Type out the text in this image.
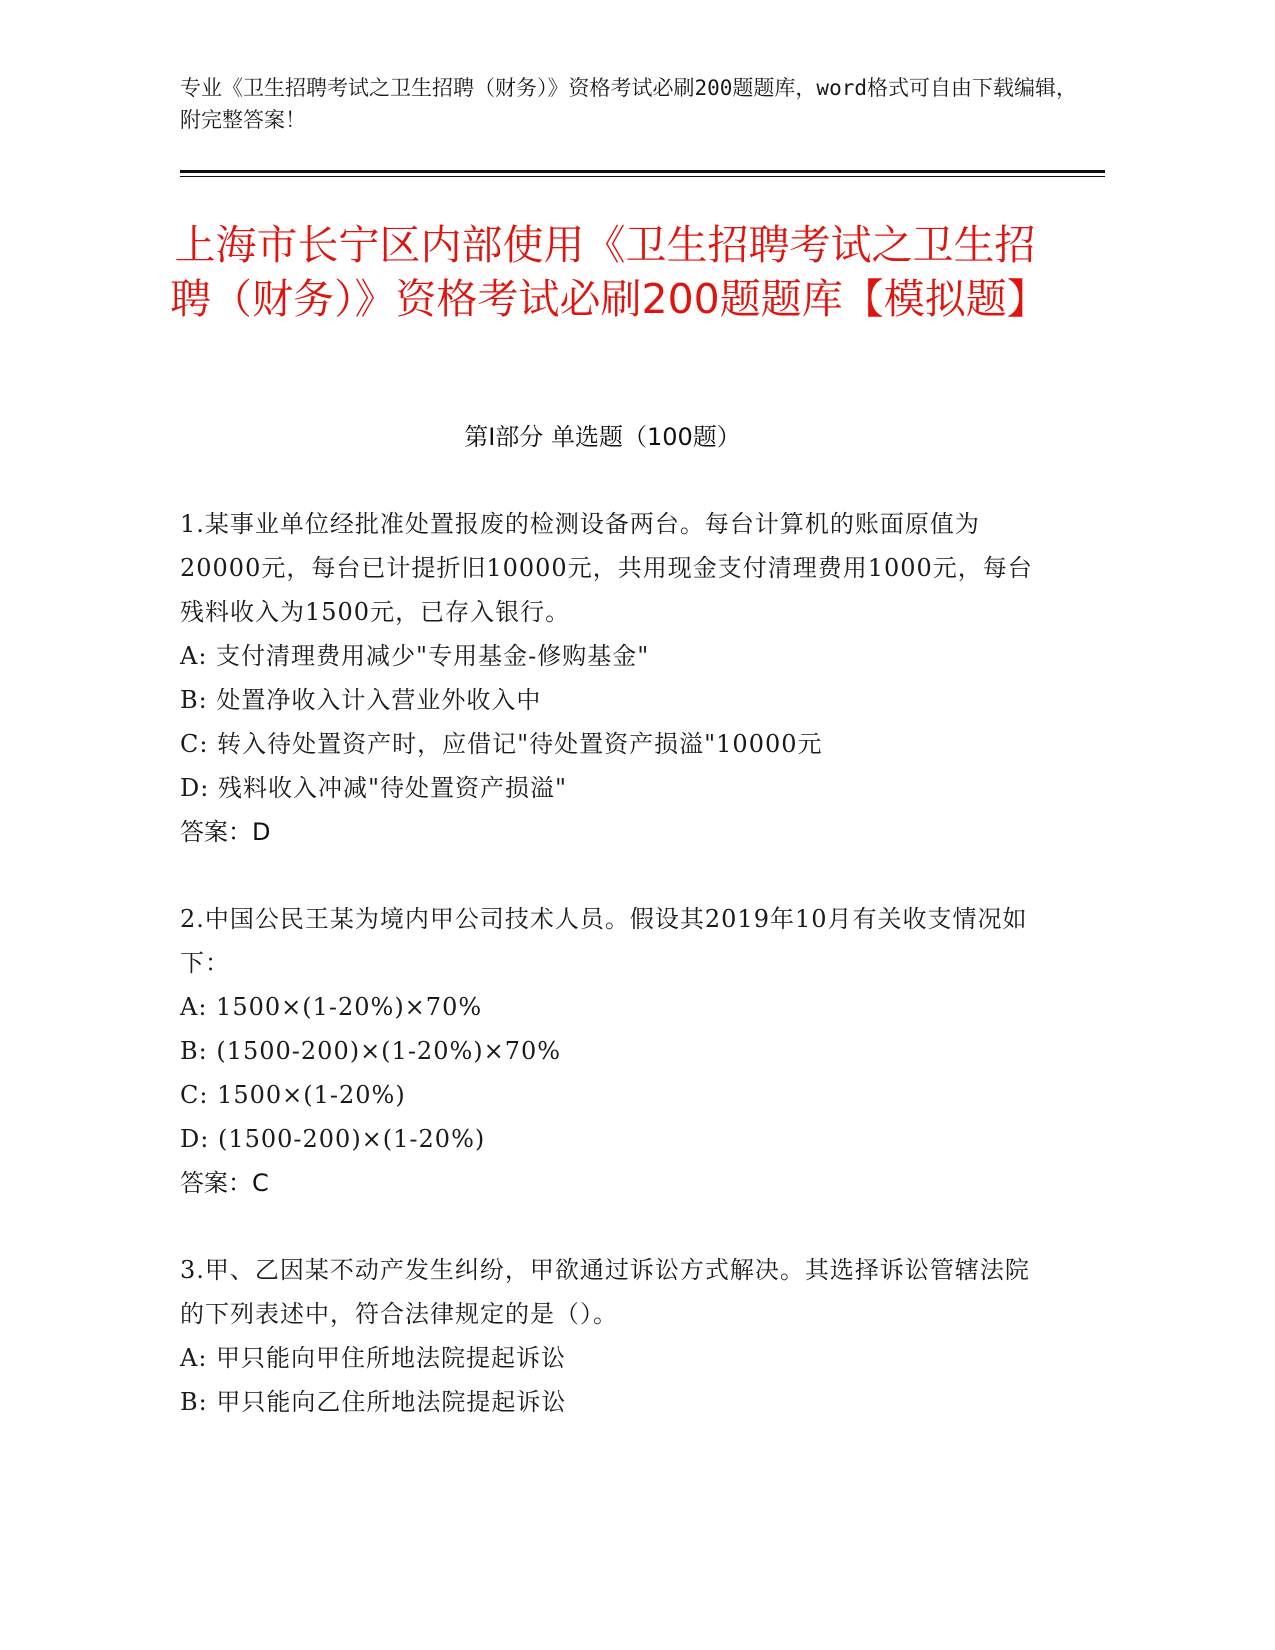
专业《卫生招聘考试之卫生招聘（财务）》资格考试必刷200题题库，word格式可自由下载编辑，附完整答案！
上海市长宁区内部使用《卫生招聘考试之卫生招聘（财务）》资格考试必刷200题题库【模拟题】
第Ⅰ部分 单选题（100题）
1.某事业单位经批准处置报废的检测设备两台。每台计算机的账面原值为20000元，每台已计提折旧10000元，共用现金支付清理费用1000元，每台残料收入为1500元，已存入银行。
A: 支付清理费用减少"专用基金-修购基金"
B: 处置净收入计入营业外收入中
C: 转入待处置资产时，应借记"待处置资产损溢"10000元
D: 残料收入冲减"待处置资产损溢"
答案：D
2.中国公民王某为境内甲公司技术人员。假设其2019年10月有关收支情况如下：
A: 1500×(1-20%)×70%
B: (1500-200)×(1-20%)×70%
C: 1500×(1-20%)
D: (1500-200)×(1-20%)
答案：C
3.甲、乙因某不动产发生纠纷，甲欲通过诉讼方式解决。其选择诉讼管辖法院的下列表述中，符合法律规定的是（）。
A: 甲只能向甲住所地法院提起诉讼
B: 甲只能向乙住所地法院提起诉讼
